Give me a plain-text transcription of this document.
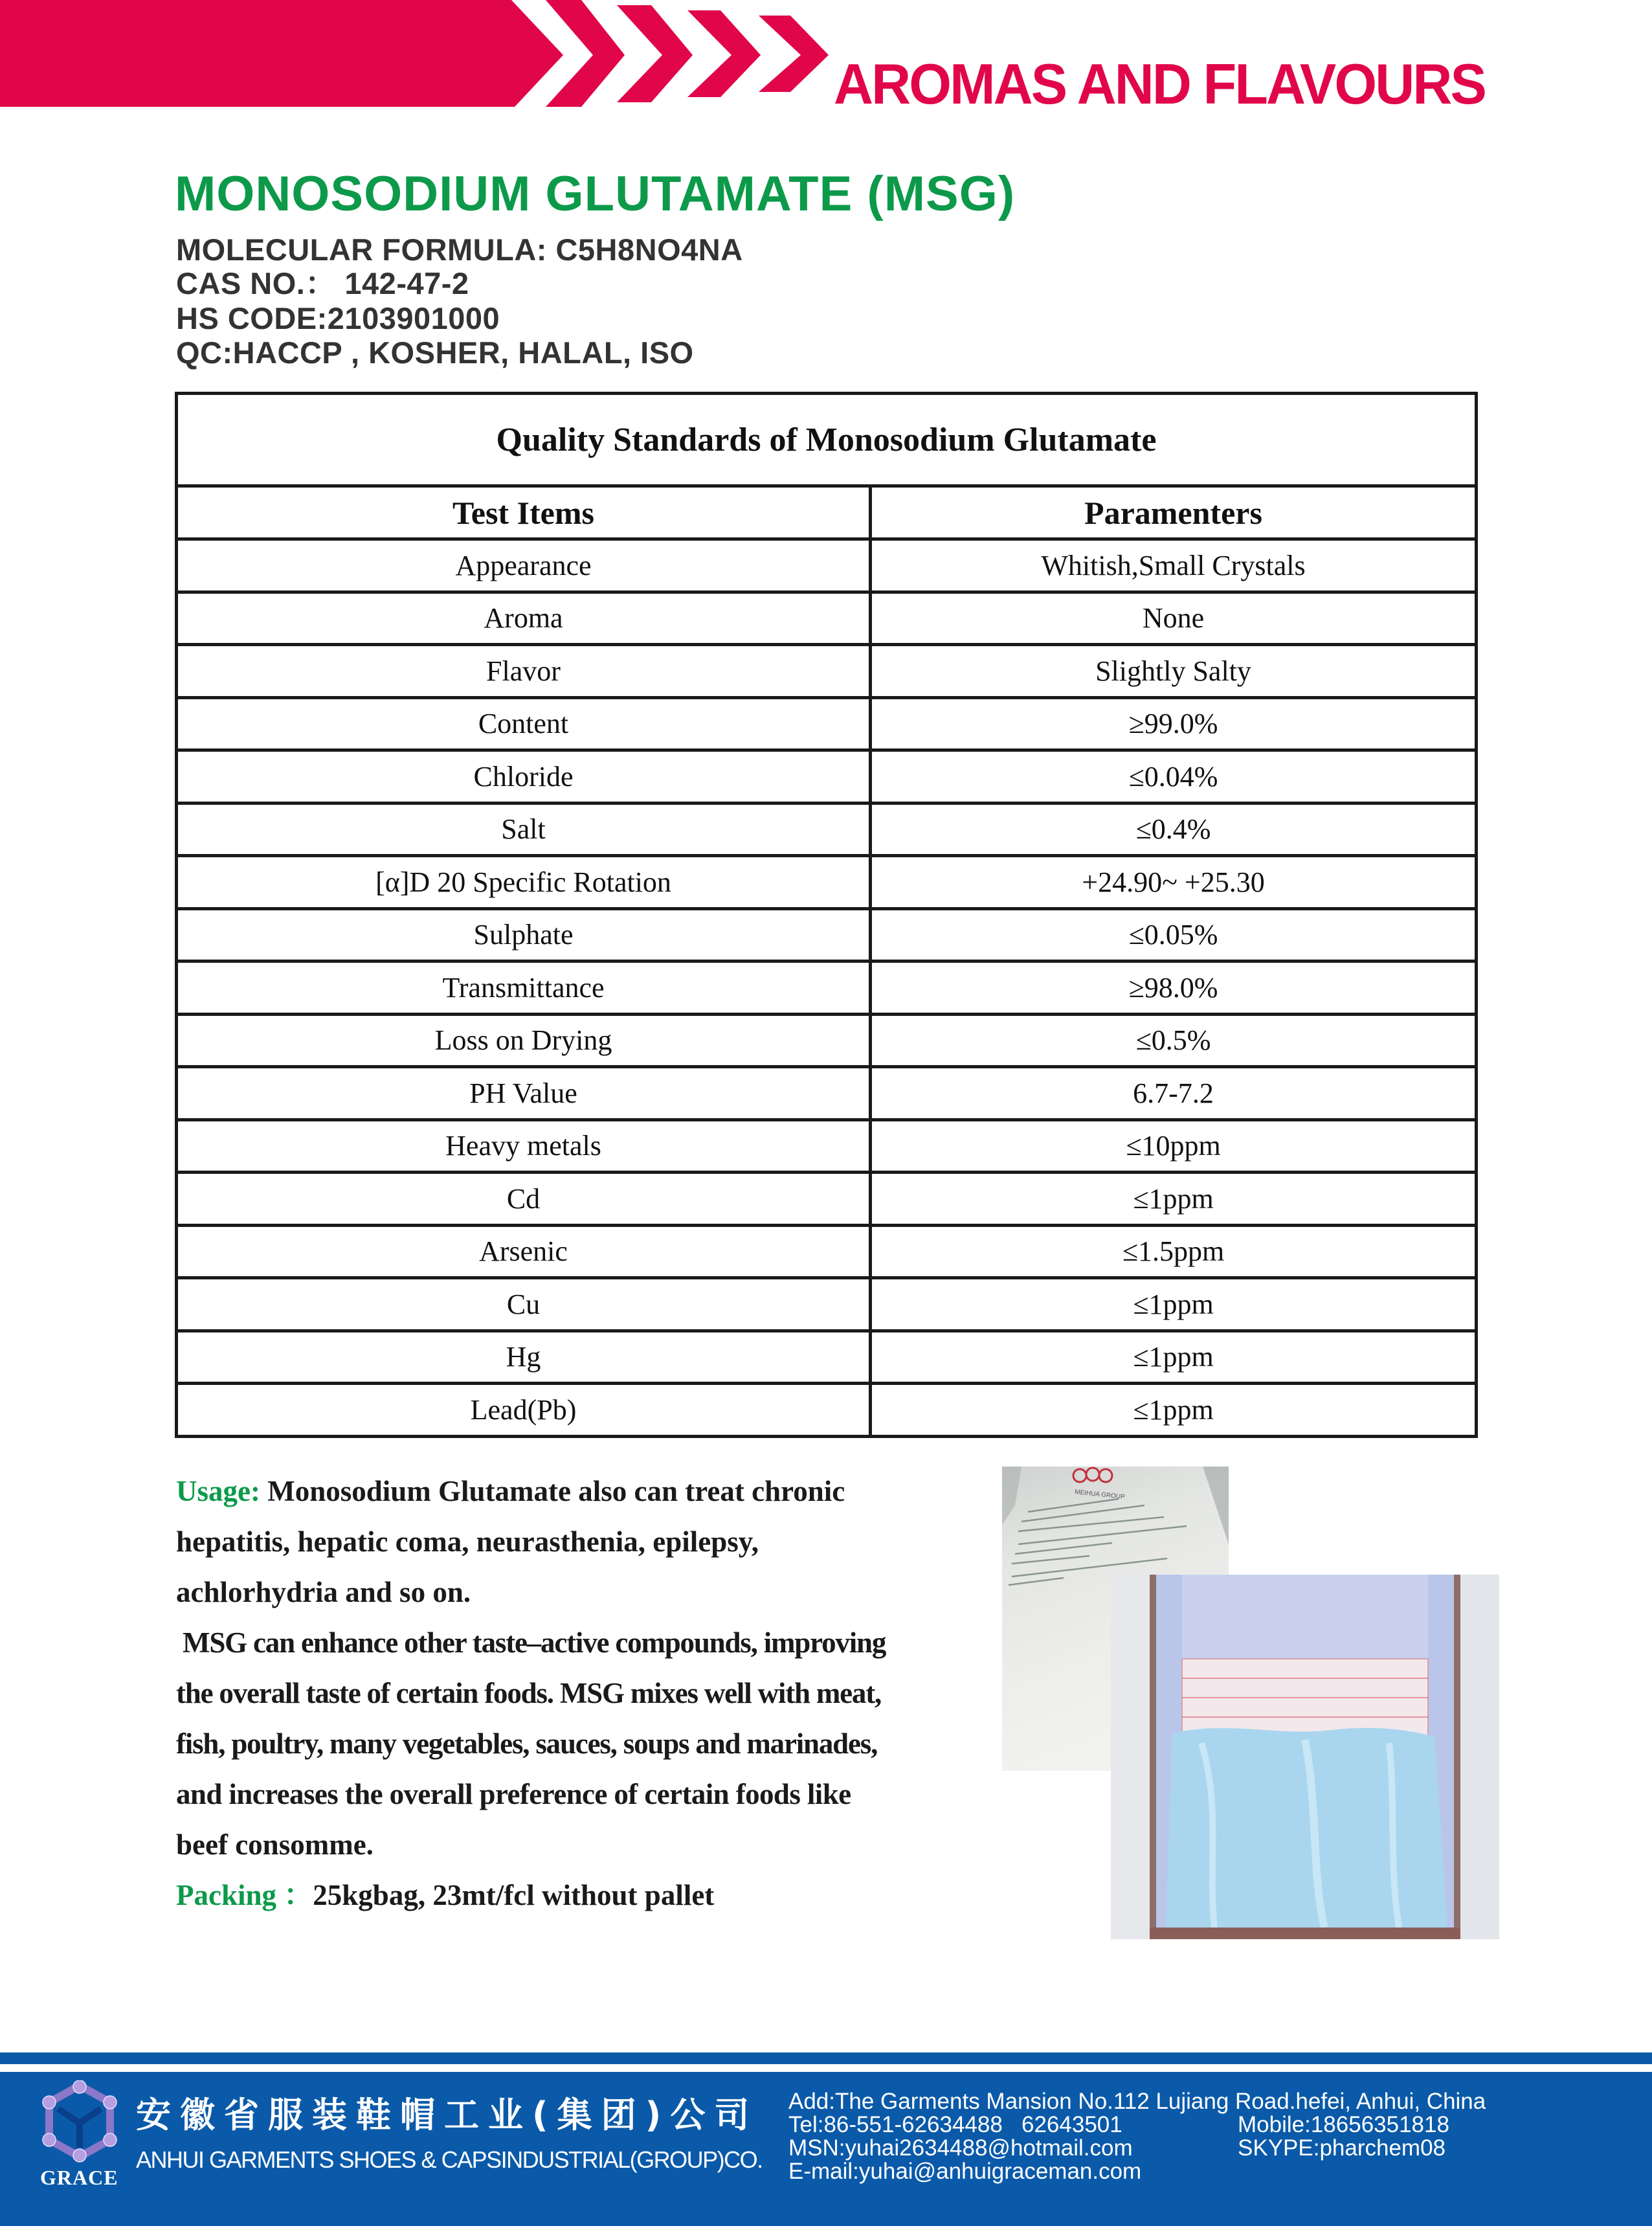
AROMAS AND FLAVOURS
MONOSODIUM GLUTAMATE (MSG)
MOLECULAR FORMULA: C5H8NO4NA
CAS NO.： 142-47-2
HS CODE:2103901000
QC:HACCP , KOSHER, HALAL, ISO
Quality Standards of Monosodium Glutamate	
Test Items	Paramenters
Appearance	Whitish,Small Crystals
Aroma	None
Flavor	Slightly Salty
Content	≥99.0%
Chloride	≤0.04%
Salt	≤0.4%
[α]D 20 Specific Rotation	+24.90~ +25.30
Sulphate	≤0.05%
Transmittance	≥98.0%
Loss on Drying	≤0.5%
PH Value	6.7-7.2
Heavy metals	≤10ppm
Cd	≤1ppm
Arsenic	≤1.5ppm
Cu	≤1ppm
Hg	≤1ppm
Lead(Pb)	≤1ppm
Usage: Monosodium Glutamate also can treat chronic
hepatitis, hepatic coma, neurasthenia, epilepsy,
achlorhydria and so on.
MSG can enhance other taste–active compounds, improving
the overall taste of certain foods. MSG mixes well with meat,
fish, poultry, many vegetables, sauces, soups and marinades,
and increases the overall preference of certain foods like
beef consomme.
Packing ：25kgbag, 23mt/fcl without pallet
MEIHUA GROUP
GRACE
安徽省服装鞋帽工业(集团)公司
ANHUI GARMENTS SHOES & CAPSINDUSTRIAL(GROUP)CO.
Add:The Garments Mansion No.112 Lujiang Road.hefei, Anhui, China
Tel:86-551-62634488   62643501	Mobile:18656351818
MSN:yuhai2634488@hotmail.com	SKYPE:pharchem08
E-mail:yuhai@anhuigraceman.com
